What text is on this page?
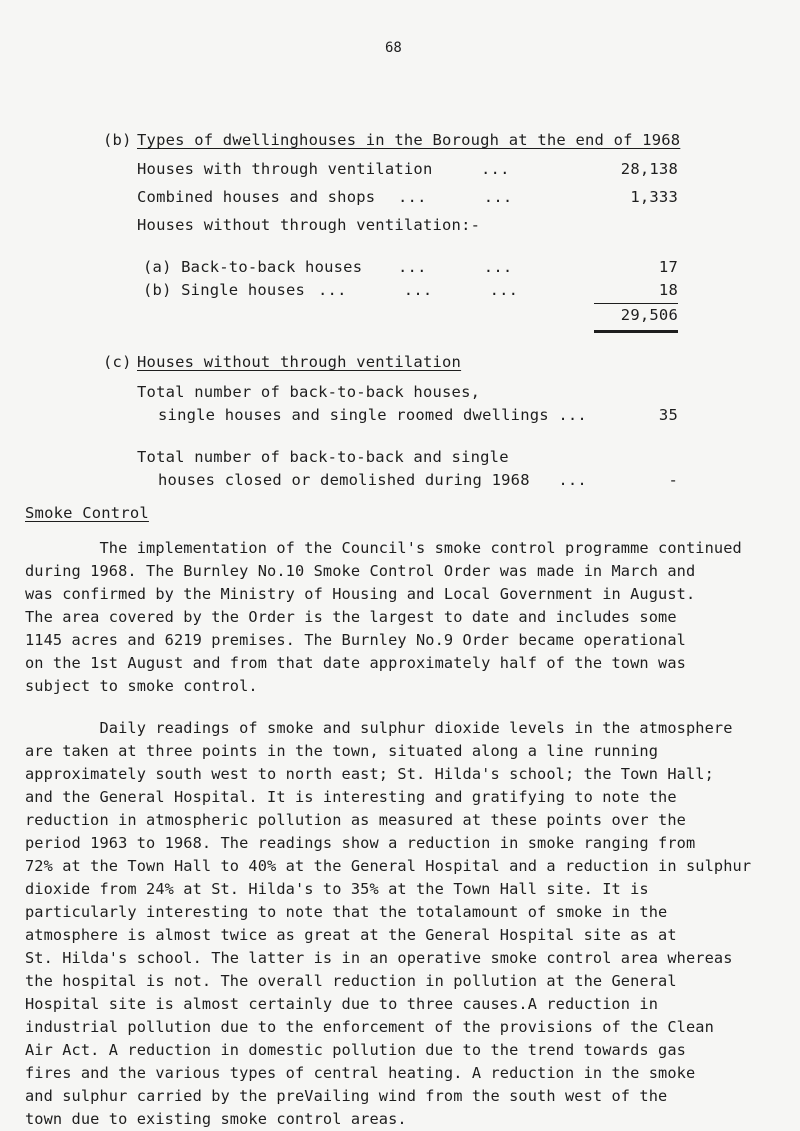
68
(b) Types of dwellinghouses in the Borough at the end of 1968
Houses with through ventilation	...	28,138
Combined houses and shops ...      ...	1,333
Houses without through ventilation:-
(a) Back-to-back houses ...      ...	17
(b) Single houses ...      ...      ...	18
29,506
(c) Houses without through ventilation
Total number of back-to-back houses,
single houses and single roomed dwellings ...	35
Total number of back-to-back and single
houses closed or demolished during 1968   ...	-
Smoke Control
The implementation of the Council's smoke control programme continued
during 1968. The Burnley No.10 Smoke Control Order was made in March and
was confirmed by the Ministry of Housing and Local Government in August.
The area covered by the Order is the largest to date and includes some
1145 acres and 6219 premises. The Burnley No.9 Order became operational
on the 1st August and from that date approximately half of the town was
subject to smoke control.
Daily readings of smoke and sulphur dioxide levels in the atmosphere
are taken at three points in the town, situated along a line running
approximately south west to north east; St. Hilda's school; the Town Hall;
and the General Hospital. It is interesting and gratifying to note the
reduction in atmospheric pollution as measured at these points over the
period 1963 to 1968. The readings show a reduction in smoke ranging from
72% at the Town Hall to 40% at the General Hospital and a reduction in sulphur
dioxide from 24% at St. Hilda's to 35% at the Town Hall site. It is
particularly interesting to note that the totalamount of smoke in the
atmosphere is almost twice as great at the General Hospital site as at
St. Hilda's school. The latter is in an operative smoke control area whereas
the hospital is not. The overall reduction in pollution at the General
Hospital site is almost certainly due to three causes.A reduction in
industrial pollution due to the enforcement of the provisions of the Clean
Air Act. A reduction in domestic pollution due to the trend towards gas
fires and the various types of central heating. A reduction in the smoke
and sulphur carried by the preVailing wind from the south west of the
town due to existing smoke control areas.
